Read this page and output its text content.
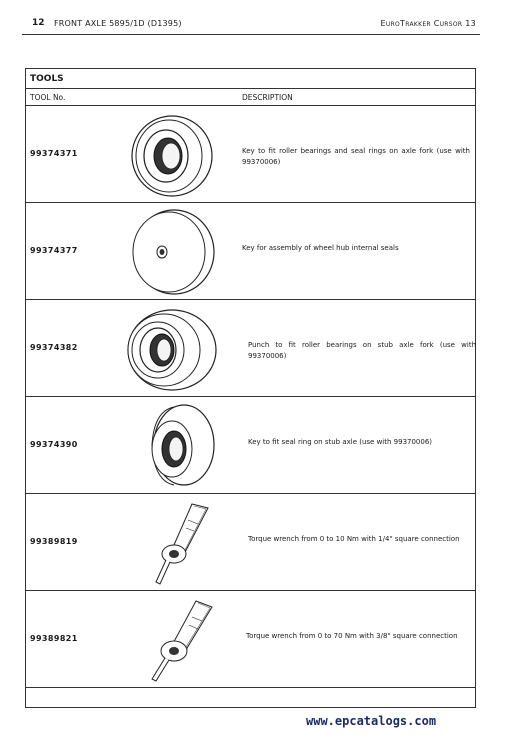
12 FRONT AXLE 5895/1D (D1395)	EuroTrakker Cursor 13
TOOLS
TOOL No.	DESCRIPTION
99374371	Key to fit roller bearings and seal rings on axle fork (use with 99370006)
99374377	Key for assembly of wheel hub internal seals
99374382	Punch to fit roller bearings on stub axle fork (use with 99370006)
99374390	Key to fit seal ring on stub axle (use with 99370006)
99389819	Torque wrench from 0 to 10 Nm with 1/4" square connection
99389821	Torque wrench from 0 to 70 Nm with 3/8" square connection
www.epcatalogs.com
